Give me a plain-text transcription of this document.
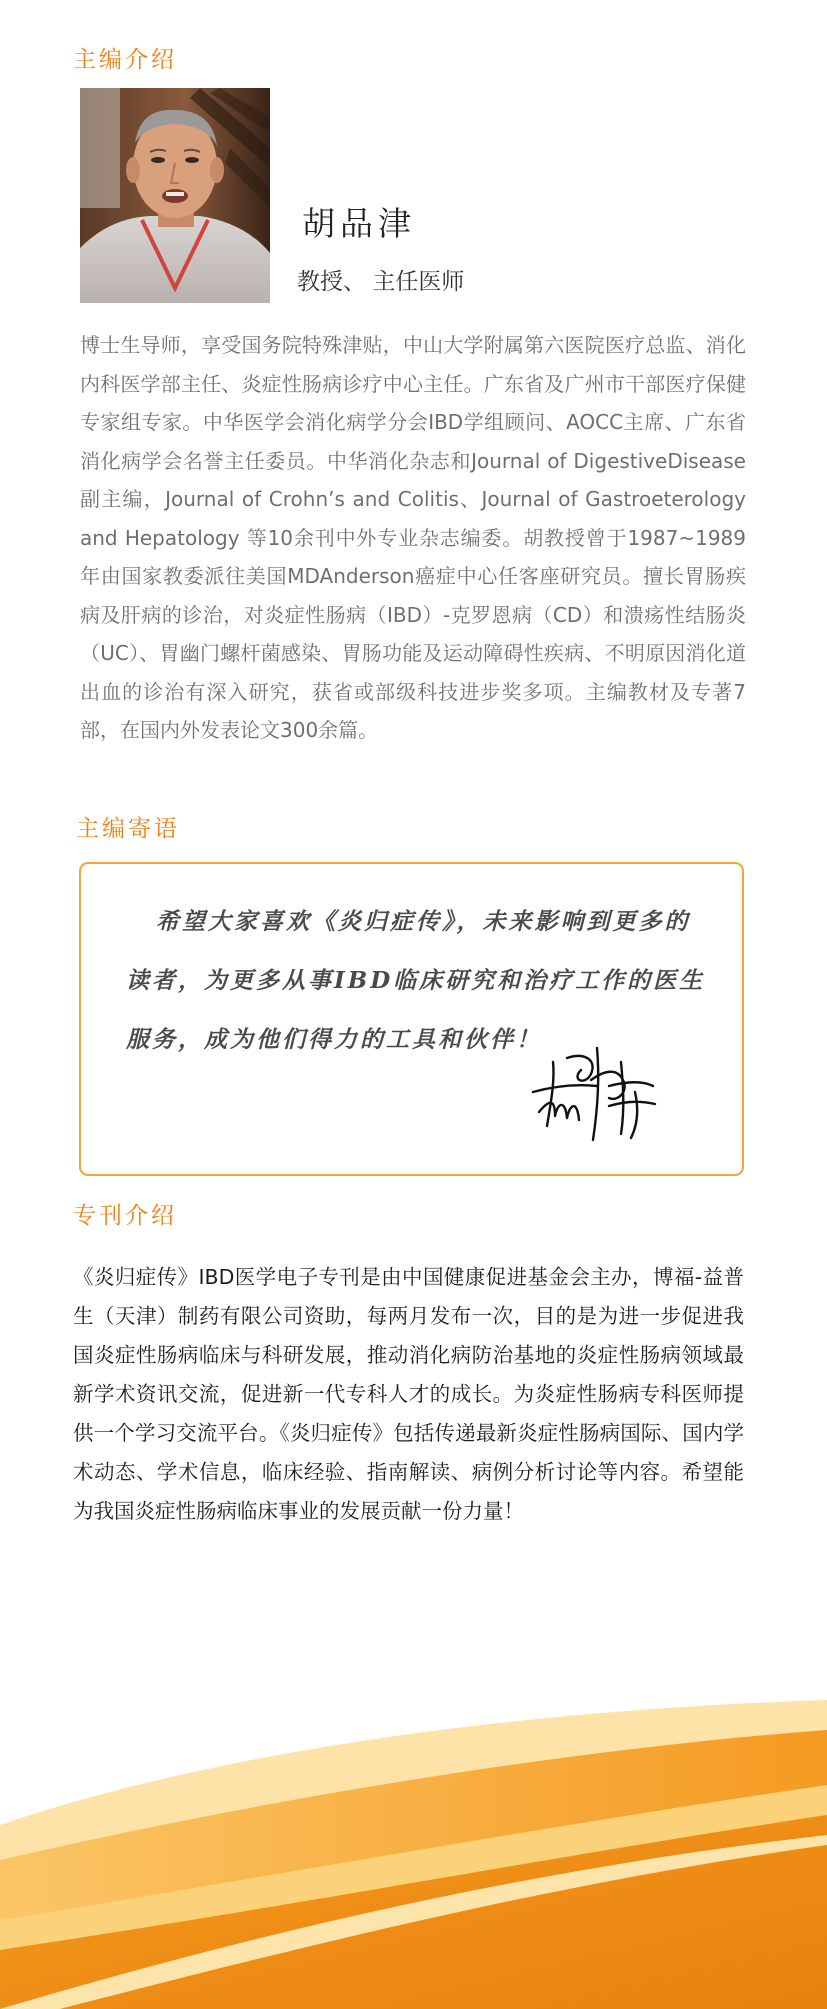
主编介绍
胡品津
教授、 主任医师

博士生导师，享受国务院特殊津贴，中山大学附属第六医院医疗总监、消化内科医学部主任、炎症性肠病诊疗中心主任。广东省及广州市干部医疗保健专家组专家。中华医学会消化病学分会IBD学组顾问、AOCC主席、广东省消化病学会名誉主任委员。中华消化杂志和Journal of DigestiveDisease副主编，Journal of Crohn’s and Colitis、Journal of Gastroeterology and Hepatology 等10余刊中外专业杂志编委。胡教授曾于1987~1989年由国家教委派往美国MDAnderson癌症中心任客座研究员。擅长胃肠疾病及肝病的诊治，对炎症性肠病（IBD）-克罗恩病（CD）和溃疡性结肠炎（UC）、胃幽门螺杆菌感染、胃肠功能及运动障碍性疾病、不明原因消化道出血的诊治有深入研究，获省或部级科技进步奖多项。主编教材及专著7部，在国内外发表论文300余篇。

主编寄语

希望大家喜欢《炎归症传》，未来影响到更多的读者，为更多从事IBD临床研究和治疗工作的医生服务，成为他们得力的工具和伙伴！

专刊介绍

《炎归症传》IBD医学电子专刊是由中国健康促进基金会主办，博福-益普生（天津）制药有限公司资助，每两月发布一次，目的是为进一步促进我国炎症性肠病临床与科研发展，推动消化病防治基地的炎症性肠病领域最新学术资讯交流，促进新一代专科人才的成长。为炎症性肠病专科医师提供一个学习交流平台。《炎归症传》包括传递最新炎症性肠病国际、国内学术动态、学术信息，临床经验、指南解读、病例分析讨论等内容。希望能为我国炎症性肠病临床事业的发展贡献一份力量！
